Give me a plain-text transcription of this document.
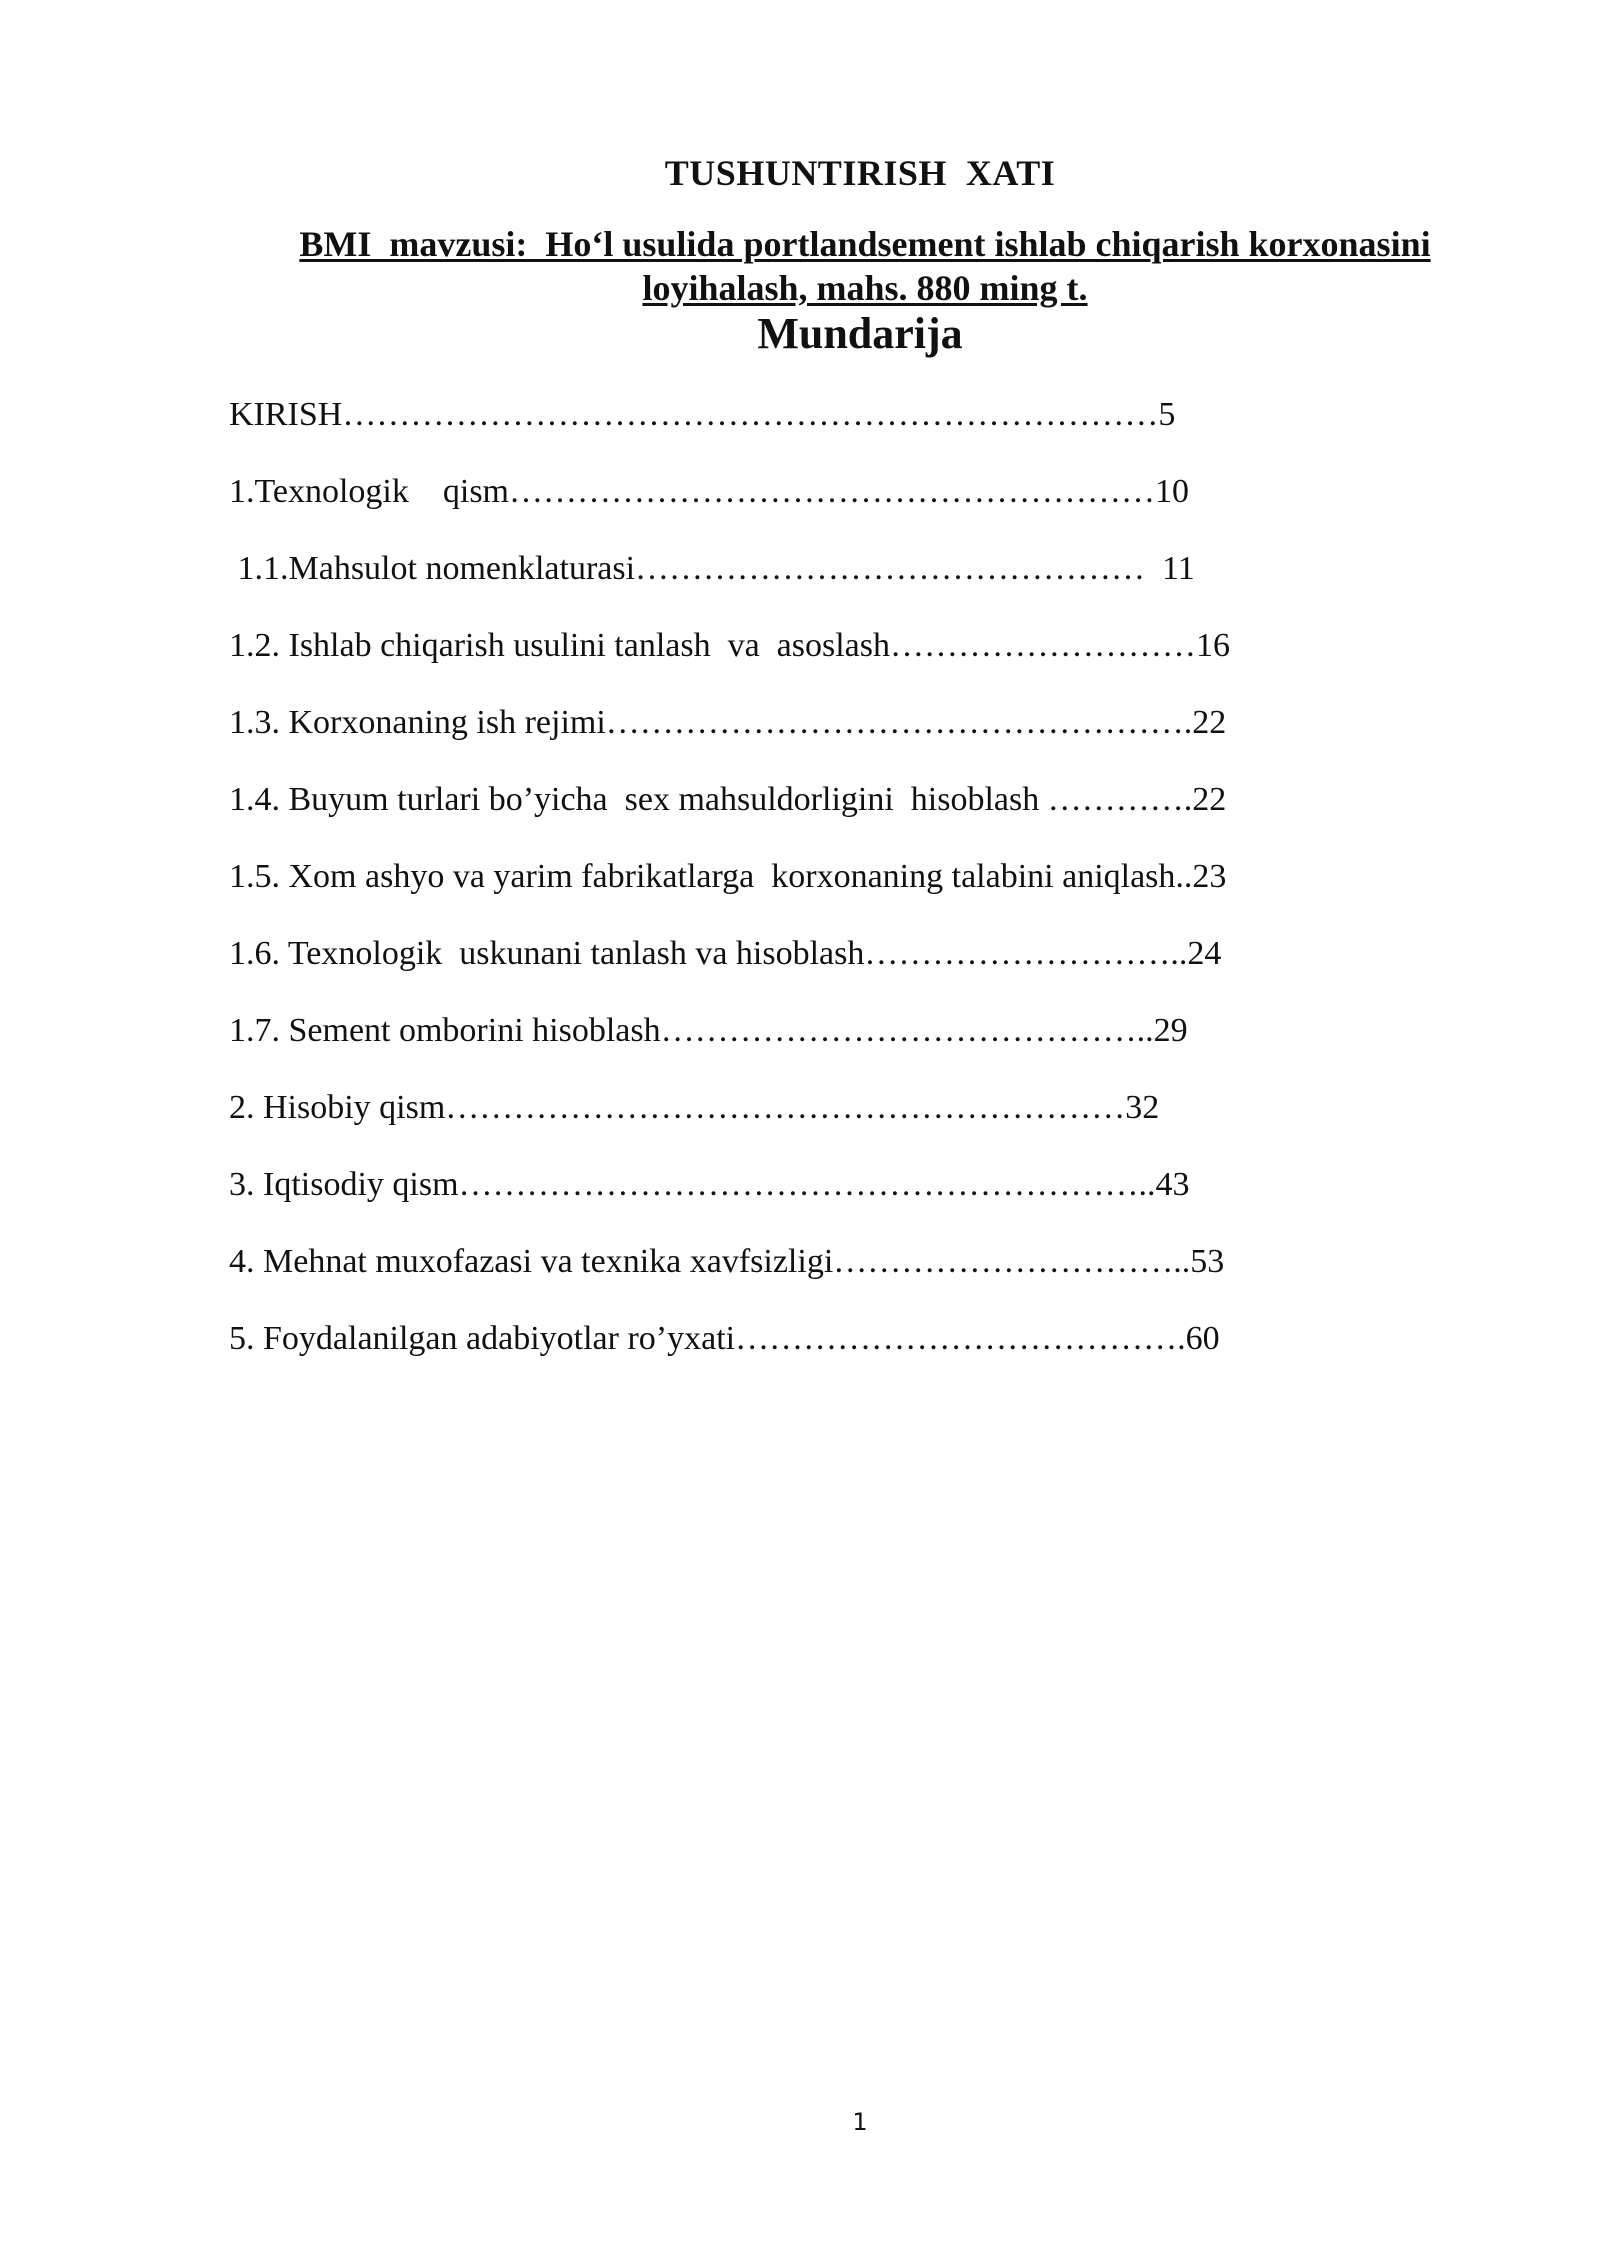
TUSHUNTIRISH  XATI
BMI  mavzusi:  Ho‘l usulida portlandsement ishlab chiqarish korxonasini
loyihalash, mahs. 880 ming t.
Mundarija
KIRISH………………………………………………………………5
1.Texnologik    qism…………………………………………………10
1.1.Mahsulot nomenklaturasi………………………………………  11
1.2. Ishlab chiqarish usulini tanlash  va  asoslash………………………16
1.3. Korxonaning ish rejimi…………………………………………….22
1.4. Buyum turlari bo’yicha  sex mahsuldorligini  hisoblash ………….22
1.5. Xom ashyo va yarim fabrikatlarga  korxonaning talabini aniqlash..23
1.6. Texnologik  uskunani tanlash va hisoblash………………………..24
1.7. Sement omborini hisoblash……………………………………..29
2. Hisobiy qism……………………………………………………32
3. Iqtisodiy qism……………………………………………………..43
4. Mehnat muxofazasi va texnika xavfsizligi…………………………..53
5. Foydalanilgan adabiyotlar ro’yxati………………………………….60
1
